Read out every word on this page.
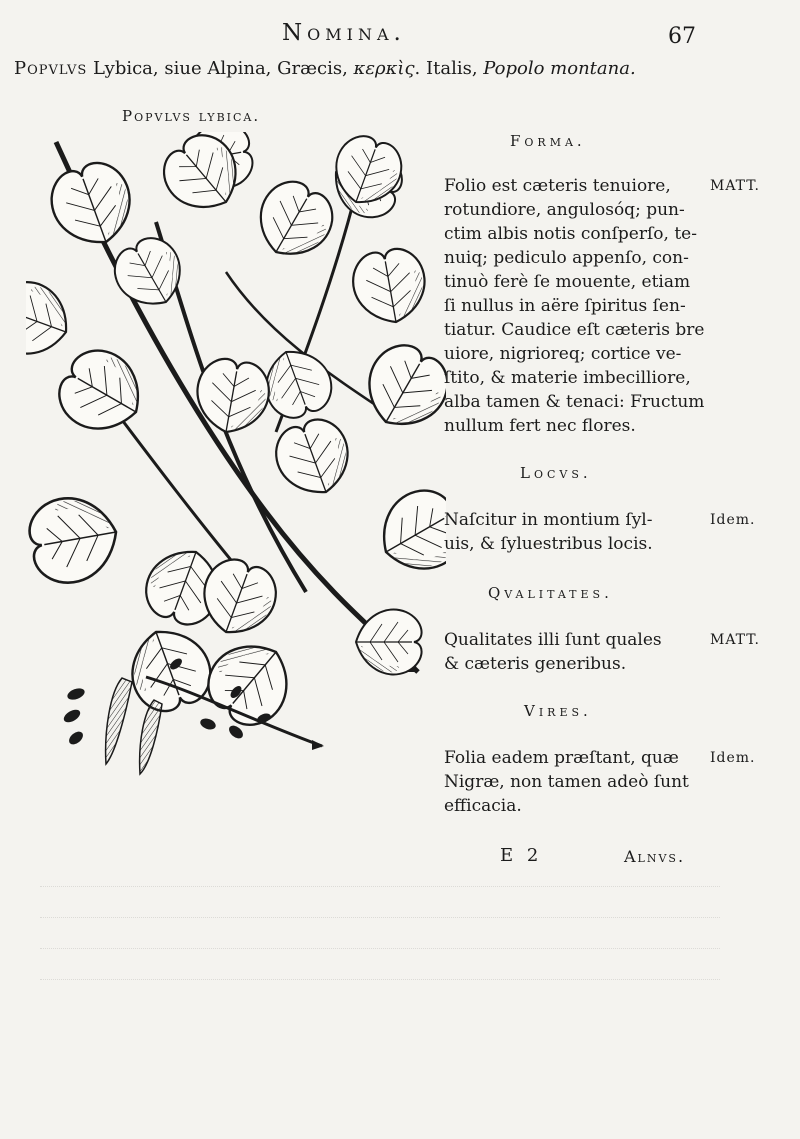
Nomina.	67
Popvlvs Lybica, siue Alpina, Græcis, κερκὶς. Italis, Popolo montana.
Popvlvs lybica.
Forma.
Folio est cæteris tenuiore,
rotundiore, angulosóq; pun-
ctim albis notis conſperſo, te-
nuiq; pediculo appenſo, con-
tinuò ferè ſe mouente, etiam
ſi nullus in aëre ſpiritus ſen-
tiatur. Caudice eſt cæteris bre
uiore, nigrioreq; cortice ve-
ſtito, & materie imbecilliore,
alba tamen & tenaci: Fructum
nullum fert nec flores.
MATT.
Locvs.
Naſcitur in montium ſyl-
uis, & ſyluestribus locis.
Idem.
Qvalitates.
Qualitates illi ſunt quales
& cæteris generibus.
MATT.
Vires.
Folia eadem præſtant, quæ
Nigræ, non tamen adeò ſunt
efficacia.
Idem.
E 2	Alnvs.
